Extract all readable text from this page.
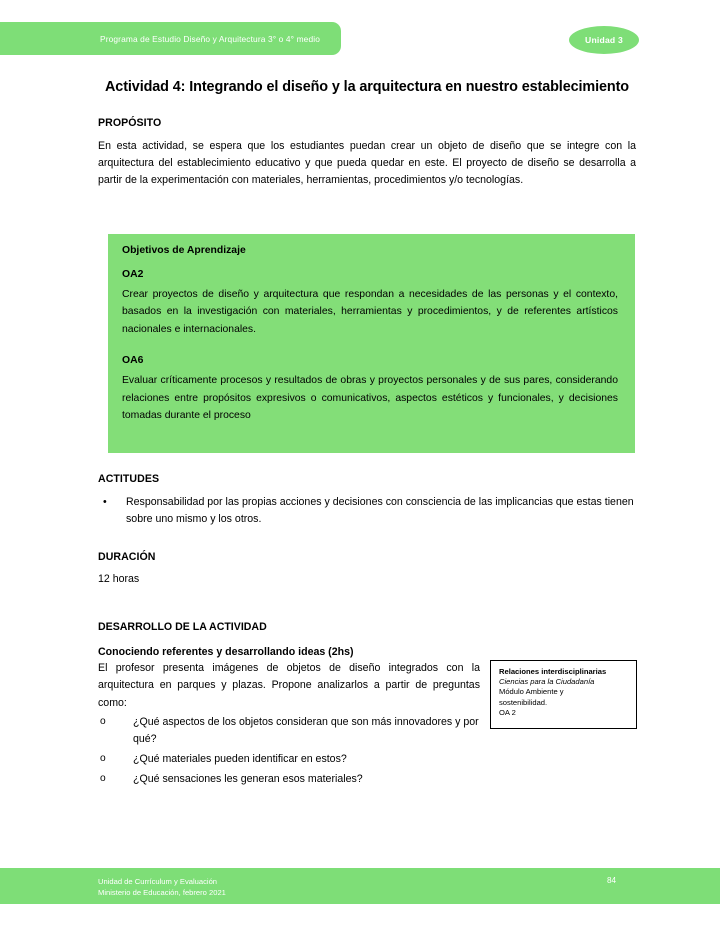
Programa de Estudio Diseño y Arquitectura 3° o 4° medio	Unidad 3
Actividad 4: Integrando el diseño y la arquitectura en nuestro establecimiento
PROPÓSITO

En esta actividad, se espera que los estudiantes puedan crear un objeto de diseño que se integre con la arquitectura del establecimiento educativo y que pueda quedar en este. El proyecto de diseño se desarrolla a partir de la experimentación con materiales, herramientas, procedimientos y/o tecnologías.

Objetivos de Aprendizaje
OA2

Crear proyectos de diseño y arquitectura que respondan a necesidades de las personas y el contexto, basados en la investigación con materiales, herramientas y procedimientos, y de referentes artísticos nacionales e internacionales.

OA6

Evaluar críticamente procesos y resultados de obras y proyectos personales y de sus pares, considerando relaciones entre propósitos expresivos o comunicativos, aspectos estéticos y funcionales, y decisiones tomadas durante el proceso

ACTITUDES
•	Responsabilidad por las propias acciones y decisiones con consciencia de las implicancias que estas tienen sobre uno mismo y los otros.
DURACIÓN

12 horas

DESARROLLO DE LA ACTIVIDAD
Conociendo referentes y desarrollando ideas (2hs)

El profesor presenta imágenes de objetos de diseño integrados con la arquitectura en parques y plazas. Propone analizarlos a partir de preguntas como:

o	¿Qué aspectos de los objetos consideran que son más innovadores y por qué?
o	¿Qué materiales pueden identificar en estos?
o	¿Qué sensaciones les generan esos materiales?

Relaciones interdisciplinarias

Ciencias para la Ciudadanía

Módulo Ambiente y

sostenibilidad.

OA 2

Unidad de Currículum y Evaluación
Ministerio de Educación, febrero 2021
84
